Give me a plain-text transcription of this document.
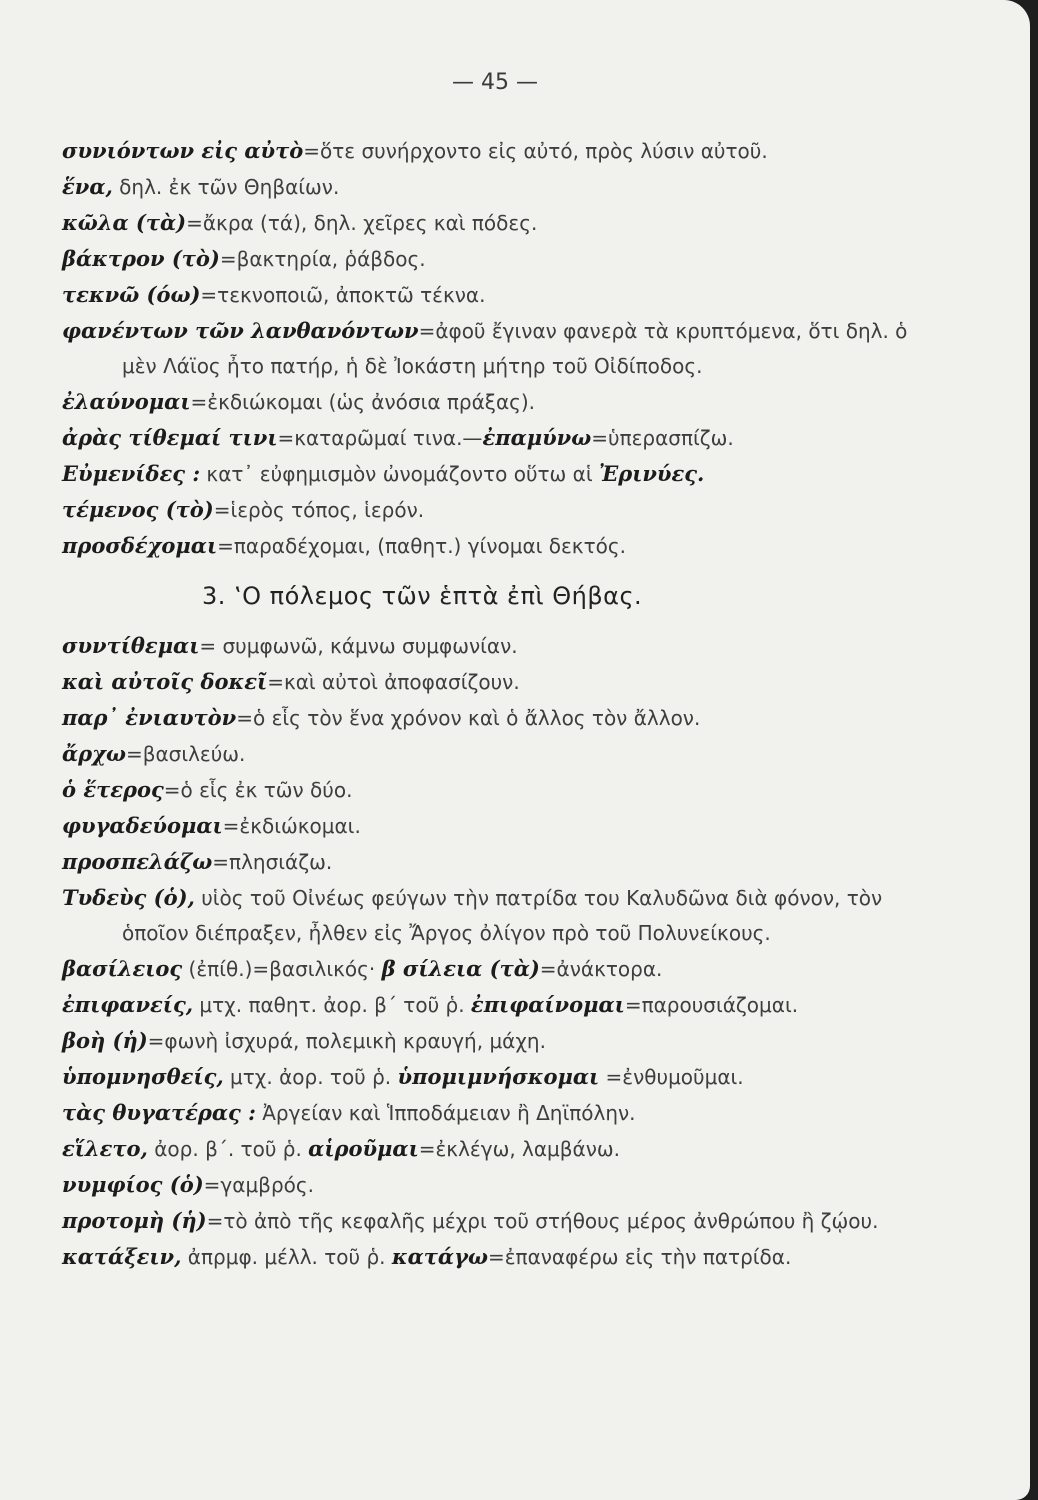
— 45 —
συνιόντων εἰς αὐτὸ=ὅτε συνήρχοντο εἰς αὐτό, πρὸς λύσιν αὐτοῦ.
ἕνα, δηλ. ἐκ τῶν Θηβαίων.
κῶλα (τὰ)=ἄκρα (τά), δηλ. χεῖρες καὶ πόδες.
βάκτρον (τὸ)=βακτηρία, ῥάβδος.
τεκνῶ (όω)=τεκνοποιῶ, ἀποκτῶ τέκνα.
φανέντων τῶν λανθανόντων=ἀφοῦ ἔγιναν φανερὰ τὰ κρυπτόμενα, ὅτι δηλ. ὁ μὲν Λάϊος ἦτο πατήρ, ἡ δὲ Ἰοκάστη μήτηρ τοῦ Οἰδίποδος.
ἐλαύνομαι=ἐκδιώκομαι (ὡς ἀνόσια πράξας).
ἀρὰς τίθεμαί τινι=καταρῶμαί τινα.—ἐπαμύνω=ὑπερασπίζω.
Εὐμενίδες : κατ᾽ εὐφημισμὸν ὠνομάζοντο οὕτω αἱ Ἐρινύες.
τέμενος (τὸ)=ἱερὸς τόπος, ἱερόν.
προσδέχομαι=παραδέχομαι, (παθητ.) γίνομαι δεκτός.
3. ‛Ο πόλεμος τῶν ἑπτὰ ἐπὶ Θήβας.
συντίθεμαι= συμφωνῶ, κάμνω συμφωνίαν.
καὶ αὐτοῖς δοκεῖ=καὶ αὐτοὶ ἀποφασίζουν.
παρ᾽ ἐνιαυτὸν=ὁ εἷς τὸν ἕνα χρόνον καὶ ὁ ἄλλος τὸν ἄλλον.
ἄρχω=βασιλεύω.
ὁ ἕτερος=ὁ εἷς ἐκ τῶν δύο.
φυγαδεύομαι=ἐκδιώκομαι.
προσπελάζω=πλησιάζω.
Τυδεὺς (ὁ), υἱὸς τοῦ Οἰνέως φεύγων τὴν πατρίδα του Καλυδῶνα διὰ φόνον, τὸν ὁποῖον διέπραξεν, ἦλθεν εἰς Ἄργος ὀλίγον πρὸ τοῦ Πολυνείκους.
βασίλειος (ἐπίθ.)=βασιλικός· β σίλεια (τὰ)=ἀνάκτορα.
ἐπιφανείς, μτχ. παθητ. ἀορ. β΄ τοῦ ῥ. ἐπιφαίνομαι=παρουσιάζομαι.
βοὴ (ἡ)=φωνὴ ἰσχυρά, πολεμικὴ κραυγή, μάχη.
ὑπομνησθείς, μτχ. ἀορ. τοῦ ῥ. ὑπομιμνήσκομαι =ἐνθυμοῦμαι.
τὰς θυγατέρας : Ἀργείαν καὶ Ἱπποδάμειαν ἢ Δηϊπόλην.
εἵλετο, ἀορ. β΄. τοῦ ῥ. αἱροῦμαι=ἐκλέγω, λαμβάνω.
νυμφίος (ὁ)=γαμβρός.
προτομὴ (ἡ)=τὸ ἀπὸ τῆς κεφαλῆς μέχρι τοῦ στήθους μέρος ἀνθρώπου ἢ ζῴου.
κατάξειν, ἀπρμφ. μέλλ. τοῦ ῥ. κατάγω=ἐπαναφέρω εἰς τὴν πατρίδα.
